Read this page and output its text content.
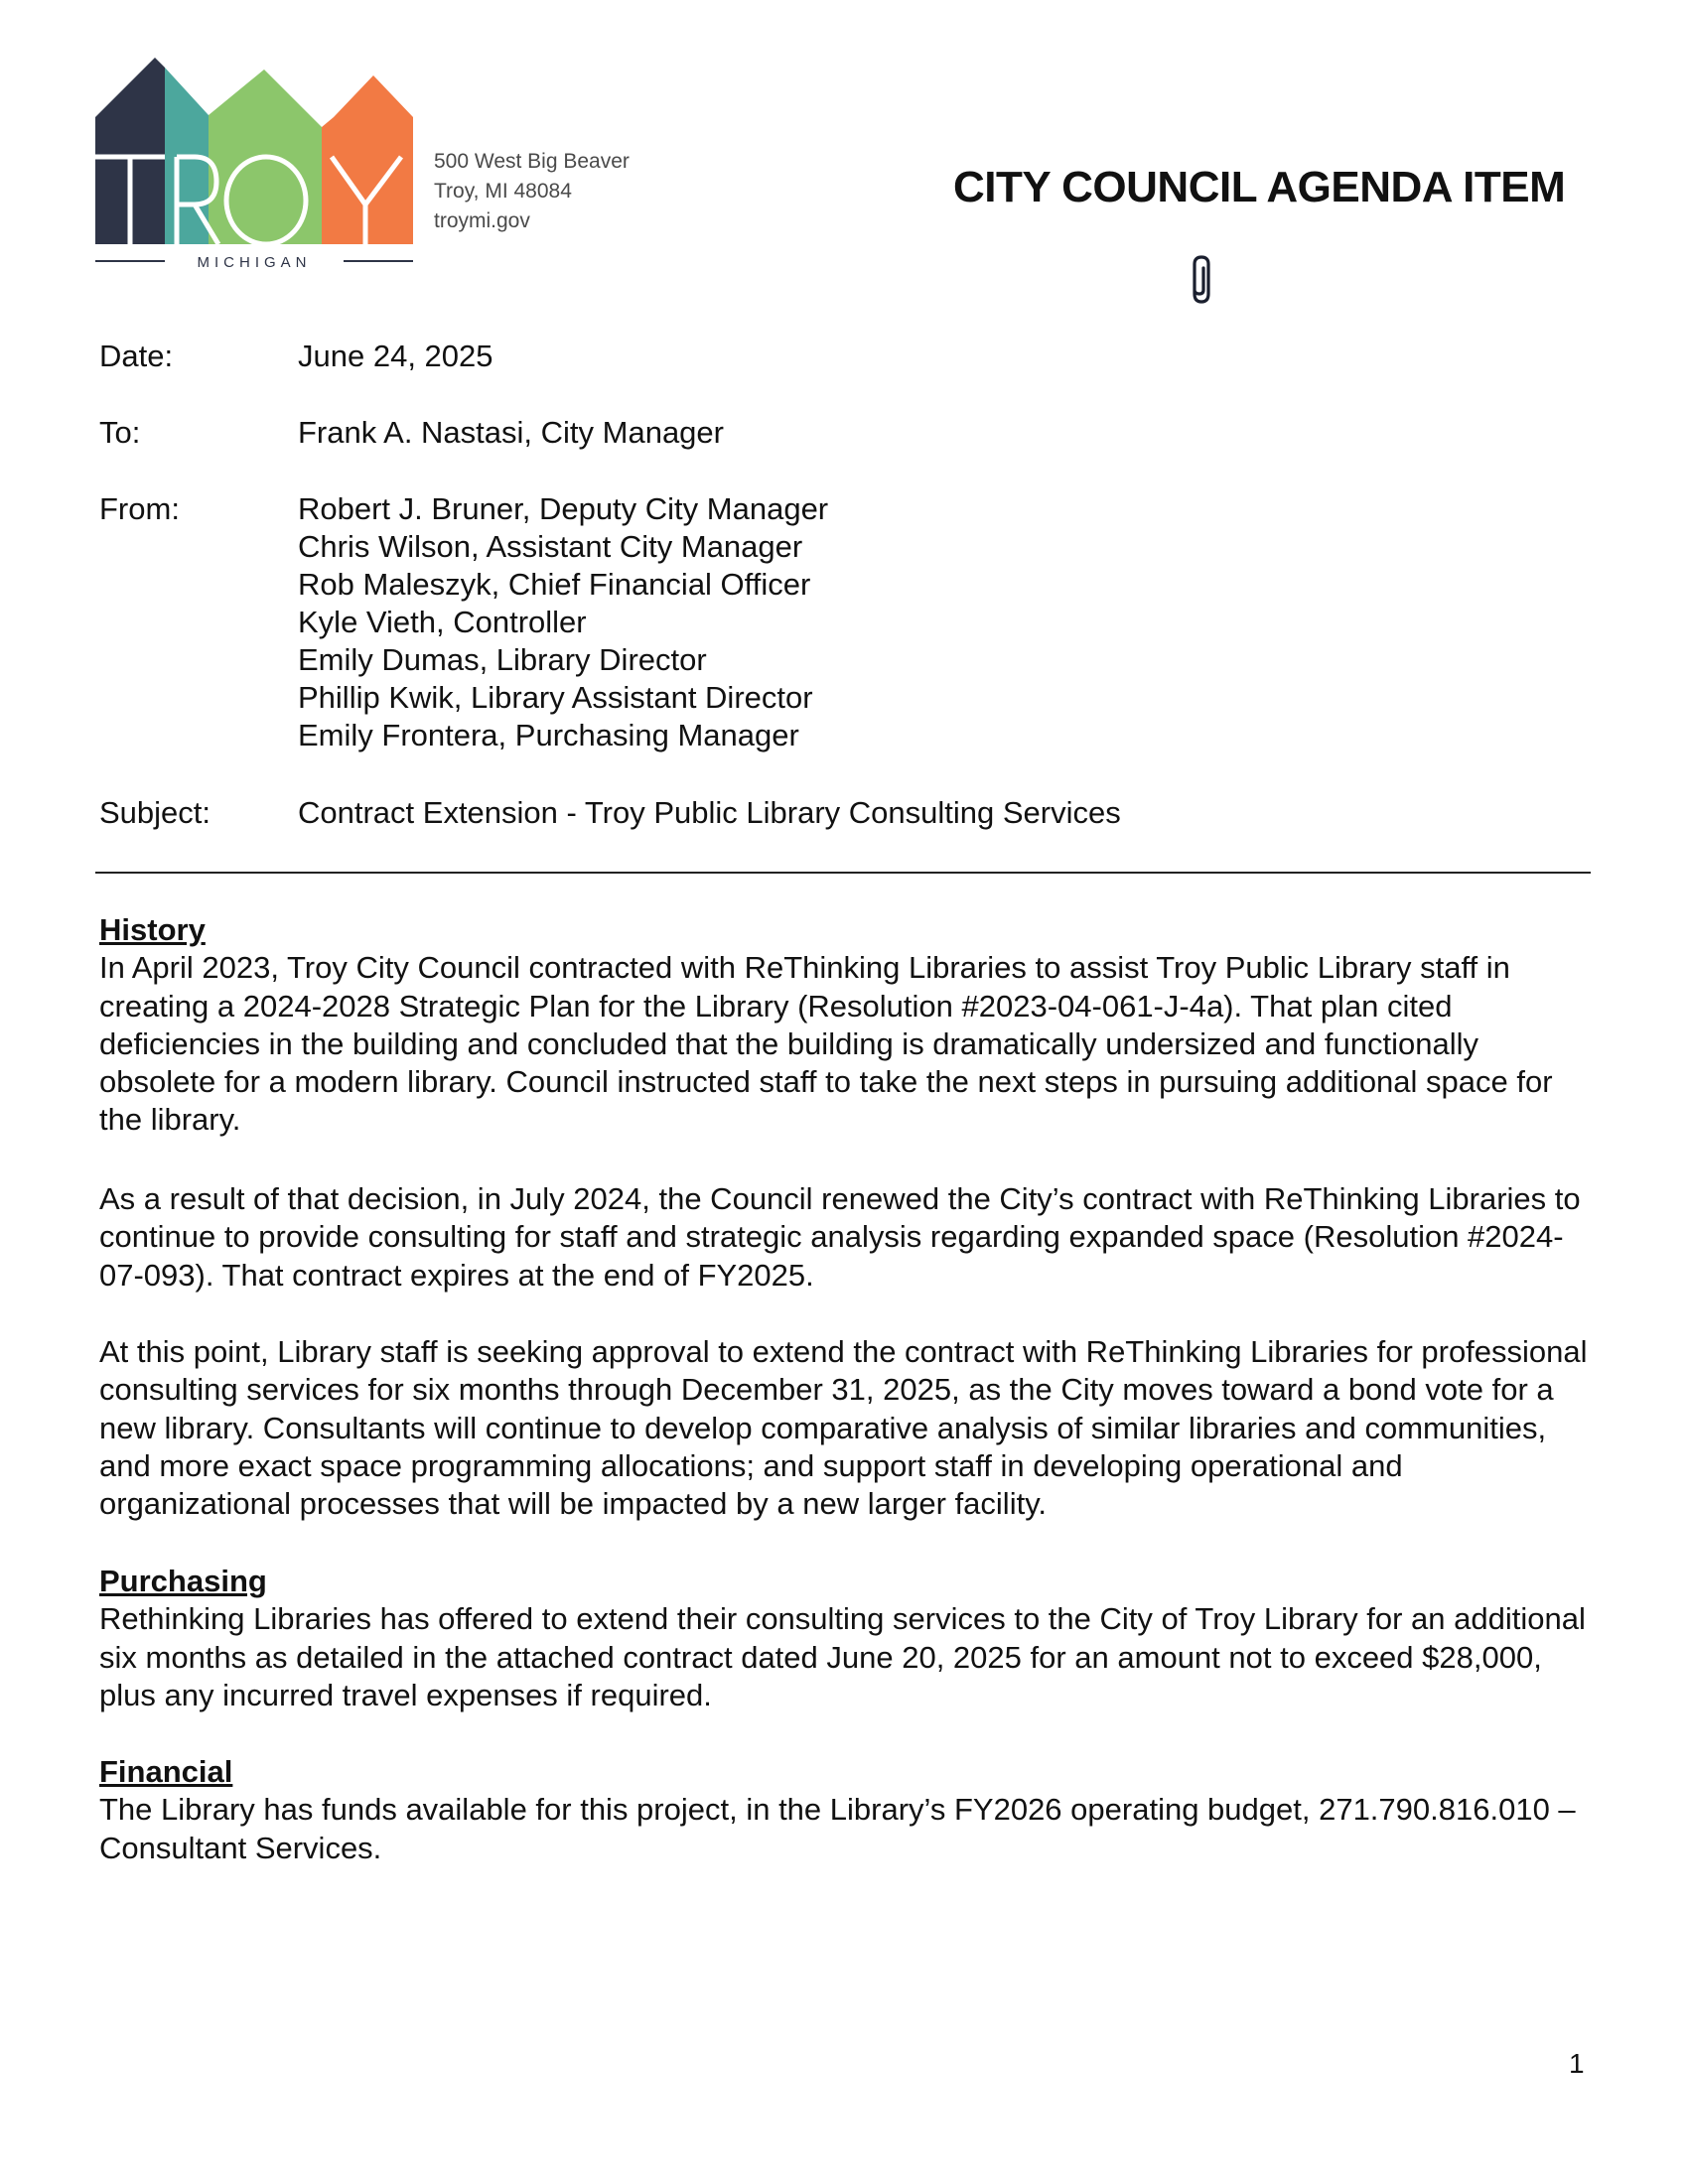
MICHIGAN
500 West Big Beaver
Troy, MI 48084
troymi.gov
CITY COUNCIL AGENDA ITEM
Date:	June 24, 2025
To:	Frank A. Nastasi, City Manager
From:	Robert J. Bruner, Deputy City Manager
Chris Wilson, Assistant City Manager
Rob Maleszyk, Chief Financial Officer
Kyle Vieth, Controller
Emily Dumas, Library Director
Phillip Kwik, Library Assistant Director
Emily Frontera, Purchasing Manager
Subject:	Contract Extension - Troy Public Library Consulting Services
History

In April 2023, Troy City Council contracted with ReThinking Libraries to assist Troy Public Library staff in creating a 2024-2028 Strategic Plan for the Library (Resolution #2023-04-061-J-4a). That plan cited deficiencies in the building and concluded that the building is dramatically undersized and functionally obsolete for a modern library. Council instructed staff to take the next steps in pursuing additional space for the library.

As a result of that decision, in July 2024, the Council renewed the City’s contract with ReThinking Libraries to continue to provide consulting for staff and strategic analysis regarding expanded space (Resolution #2024-07-093). That contract expires at the end of FY2025.

At this point, Library staff is seeking approval to extend the contract with ReThinking Libraries for professional consulting services for six months through December 31, 2025, as the City moves toward a bond vote for a new library. Consultants will continue to develop comparative analysis of similar libraries and communities, and more exact space programming allocations; and support staff in developing operational and organizational processes that will be impacted by a new larger facility.

Purchasing

Rethinking Libraries has offered to extend their consulting services to the City of Troy Library for an additional six months as detailed in the attached contract dated June 20, 2025 for an amount not to exceed $28,000, plus any incurred travel expenses if required.

Financial

The Library has funds available for this project, in the Library’s FY2026 operating budget, 271.790.816.010 – Consultant Services.

1
